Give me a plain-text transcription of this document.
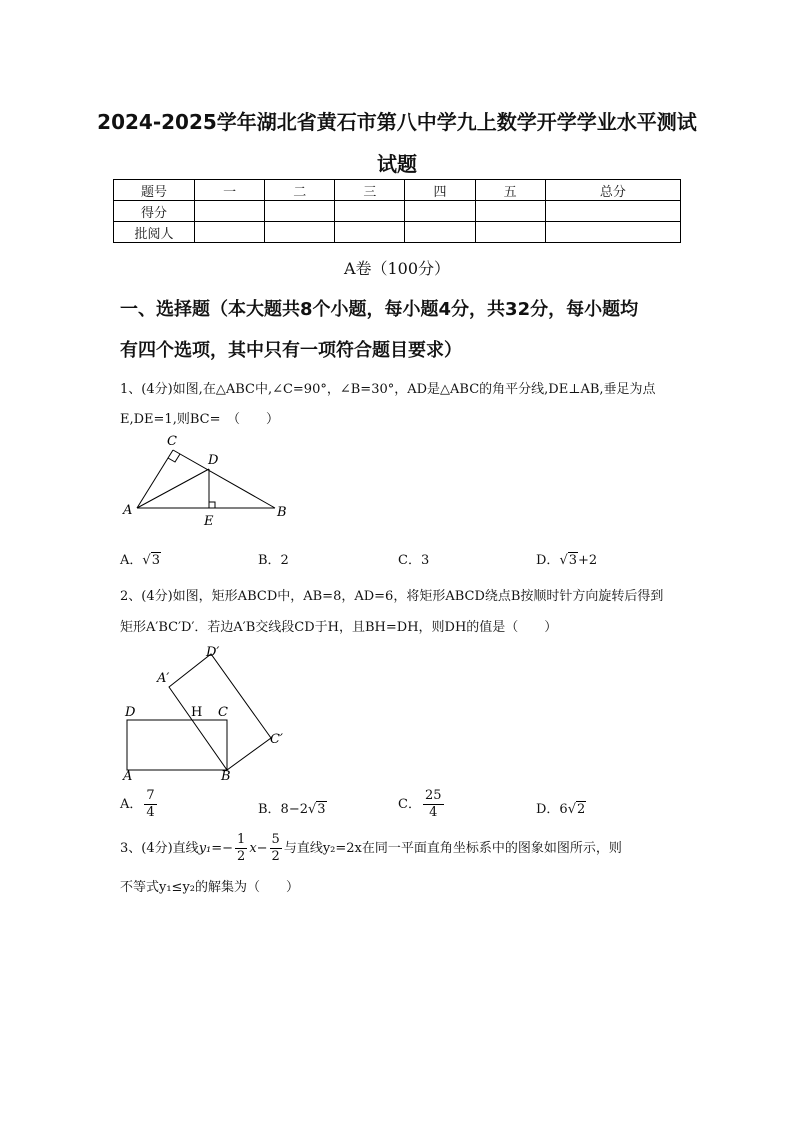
2024-2025学年湖北省黄石市第八中学九上数学开学学业水平测试
试题
题号	一	二	三	四	五	总分
得分						
批阅人						
A卷（100分）
一、选择题（本大题共8个小题，每小题4分，共32分，每小题均
有四个选项，其中只有一项符合题目要求）
1、(4分)如图,在△ABC中,∠C=90°，∠B=30°，AD是△ABC的角平分线,DE⊥AB,垂足为点
E,DE=1,则BC=　（　　）
C
D
A
E
B
A．√3	B．2	C．3	D．√3+2
2、(4分)如图，矩形ABCD中，AB=8，AD=6，将矩形ABCD绕点B按顺时针方向旋转后得到
矩形A′BC′D′．若边A′B交线段CD于H，且BH=DH，则DH的值是（　　）
D′
A′
D	H C
C′
A	B
A． $\frac{7}{4}$	B．8−2√3	C． $\frac{25}{4}$	D．6√2
3、(4分)直线$y_1=- \frac{1}{2} x- \frac{5}{2}$ 与直线y₂=2x在同一平面直角坐标系中的图象如图所示，则
不等式y₁≤y₂的解集为（　　）
